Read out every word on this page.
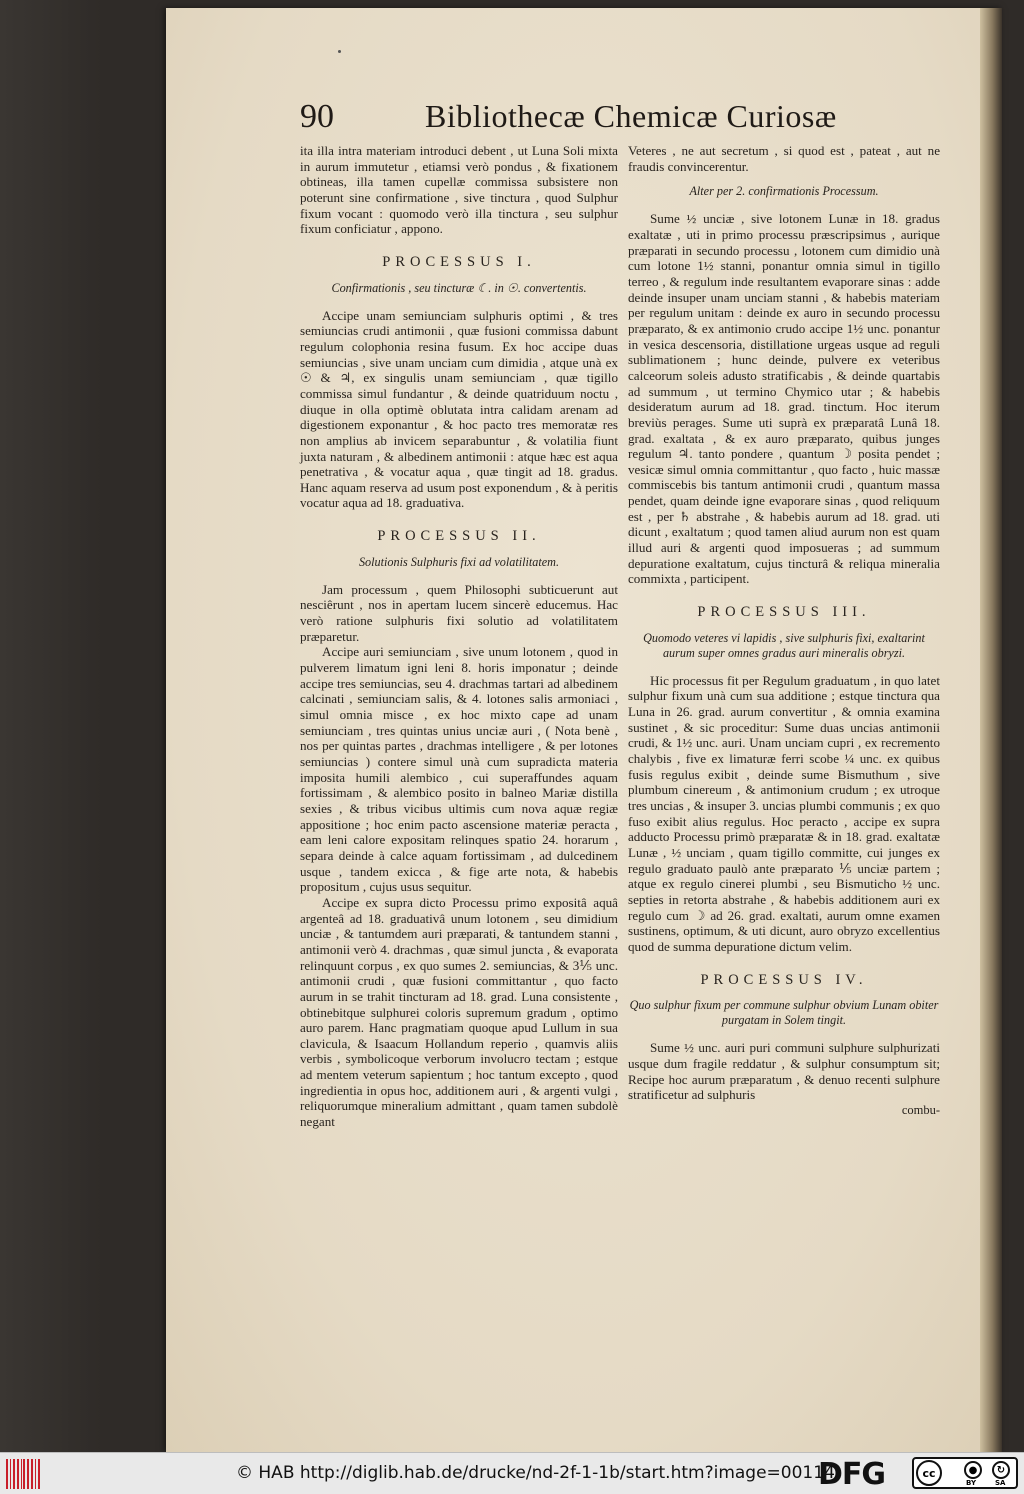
90	Bibliothecæ Chemicæ Curiosæ

ita illa intra materiam introduci debent , ut Luna Soli mixta in aurum immutetur , etiamsi verò pondus , & fixationem obtineas, illa tamen cupellæ commissa subsistere non poterunt sine confirmatione , sive tinctura , quod Sulphur fixum vocant : quomodo verò illa tinctura , seu sulphur fixum conficiatur , appono.

PROCESSUS I.
Confirmationis , seu tincturæ ☾. in ☉. convertentis.

Accipe unam semiunciam sulphuris optimi , & tres semiuncias crudi antimonii , quæ fusioni commissa dabunt regulum colophonia resina fusum. Ex hoc accipe duas semiuncias , sive unam unciam cum dimidia , atque unà ex ☉ & ♃, ex singulis unam semiunciam , quæ tigillo commissa simul fundantur , & deinde quatriduum noctu , diuque in olla optimè oblutata intra calidam arenam ad digestionem exponantur , & hoc pacto tres memoratæ res non amplius ab invicem separabuntur , & volatilia fiunt juxta naturam , & albedinem antimonii : atque hæc est aqua penetrativa , & vocatur aqua , quæ tingit ad 18. gradus. Hanc aquam reserva ad usum post exponendum , & à peritis vocatur aqua ad 18. graduativa.

PROCESSUS II.
Solutionis Sulphuris fixi ad volatilitatem.

Jam processum , quem Philosophi subticuerunt aut nesciêrunt , nos in apertam lucem sincerè educemus. Hac verò ratione sulphuris fixi solutio ad volatilitatem præparetur.

Accipe auri semiunciam , sive unum lotonem , quod in pulverem limatum igni leni 8. horis imponatur ; deinde accipe tres semiuncias, seu 4. drachmas tartari ad albedinem calcinati , semiunciam salis, & 4. lotones salis armoniaci , simul omnia misce , ex hoc mixto cape ad unam semiunciam , tres quintas unius unciæ auri , ( Nota benè , nos per quintas partes , drachmas intelligere , & per lotones semiuncias ) contere simul unà cum supradicta materia imposita humili alembico , cui superaffundes aquam fortissimam , & alembico posito in balneo Mariæ distilla sexies , & tribus vicibus ultimis cum nova aquæ regiæ appositione ; hoc enim pacto ascensione materiæ peracta , eam leni calore expositam relinques spatio 24. horarum , separa deinde à calce aquam fortissimam , ad dulcedinem usque , tandem exicca , & fige arte nota, & habebis propositum , cujus usus sequitur.

Accipe ex supra dicto Processu primo expositâ aquâ argenteâ ad 18. graduativâ unum lotonem , seu dimidium unciæ , & tantumdem auri præparati, & tantundem stanni , antimonii verò 4. drachmas , quæ simul juncta , & evaporata relinquunt corpus , ex quo sumes 2. semiuncias, & 3⅕ unc. antimonii crudi , quæ fusioni committantur , quo facto aurum in se trahit tincturam ad 18. grad. Luna consistente , obtinebitque sulphurei coloris supremum gradum , optimo auro parem. Hanc pragmatiam quoque apud Lullum in sua clavicula, & Isaacum Hollandum reperio , quamvis aliis verbis , symbolicoque verborum involucro tectam ; estque ad mentem veterum sapientum ; hoc tantum excepto , quod ingredientia in opus hoc, additionem auri , & argenti vulgi , reliquorumque mineralium admittant , quam tamen subdolè negant

Veteres , ne aut secretum , si quod est , pateat , aut ne fraudis convincerentur.

Alter per 2. confirmationis Processum.

Sume ½ unciæ , sive lotonem Lunæ in 18. gradus exaltatæ , uti in primo processu præscripsimus , aurique præparati in secundo processu , lotonem cum dimidio unà cum lotone 1½ stanni, ponantur omnia simul in tigillo terreo , & regulum inde resultantem evaporare sinas : adde deinde insuper unam unciam stanni , & habebis materiam per regulum unitam : deinde ex auro in secundo processu præparato, & ex antimonio crudo accipe 1½ unc. ponantur in vesica descensoria, distillatione urgeas usque ad reguli sublimationem ; hunc deinde, pulvere ex veteribus calceorum soleis adusto stratificabis , & deinde quartabis ad summum , ut termino Chymico utar ; & habebis desideratum aurum ad 18. grad. tinctum. Hoc iterum breviùs perages. Sume uti suprà ex præparatâ Lunâ 18. grad. exaltata , & ex auro præparato, quibus junges regulum ♃. tanto pondere , quantum ☽ posita pendet ; vesicæ simul omnia committantur , quo facto , huic massæ commiscebis bis tantum antimonii crudi , quantum massa pendet, quam deinde igne evaporare sinas , quod reliquum est , per ♄ abstrahe , & habebis aurum ad 18. grad. uti dicunt , exaltatum ; quod tamen aliud aurum non est quam illud auri & argenti quod imposueras ; ad summum depuratione exaltatum, cujus tincturâ & reliqua mineralia commixta , participent.

PROCESSUS III.
Quomodo veteres vi lapidis , sive sulphuris fixi, exaltarint aurum super omnes gradus auri mineralis obryzi.

Hic processus fit per Regulum graduatum , in quo latet sulphur fixum unà cum sua additione ; estque tinctura qua Luna in 26. grad. aurum convertitur , & omnia examina sustinet , & sic proceditur: Sume duas uncias antimonii crudi, & 1½ unc. auri. Unam unciam cupri , ex recremento chalybis , five ex limaturæ ferri scobe ¼ unc. ex quibus fusis regulus exibit , deinde sume Bismuthum , sive plumbum cinereum , & antimonium crudum ; ex utroque tres uncias , & insuper 3. uncias plumbi communis ; ex quo fuso exibit alius regulus. Hoc peracto , accipe ex supra adducto Processu primò præparatæ & in 18. grad. exaltatæ Lunæ , ½ unciam , quam tigillo committe, cui junges ex regulo graduato paulò ante præparato ⅕ unciæ partem ; atque ex regulo cinerei plumbi , seu Bismuticho ½ unc. septies in retorta abstrahe , & habebis additionem auri ex regulo cum ☽ ad 26. grad. exaltati, aurum omne examen sustinens, optimum, & uti dicunt, auro obryzo excellentius quod de summa depuratione dictum velim.

PROCESSUS IV.
Quo sulphur fixum per commune sulphur obvium Lunam obiter purgatam in Solem tingit.

Sume ½ unc. auri puri communi sulphure sulphurizati usque dum fragile reddatur , & sulphur consumptum sit; Recipe hoc aurum præparatum , & denuo recenti sulphure stratificetur ad sulphuris

combu-

© HAB http://diglib.hab.de/drucke/nd-2f-1-1b/start.htm?image=00114
DFG	cc	●	↻
BY	SA
